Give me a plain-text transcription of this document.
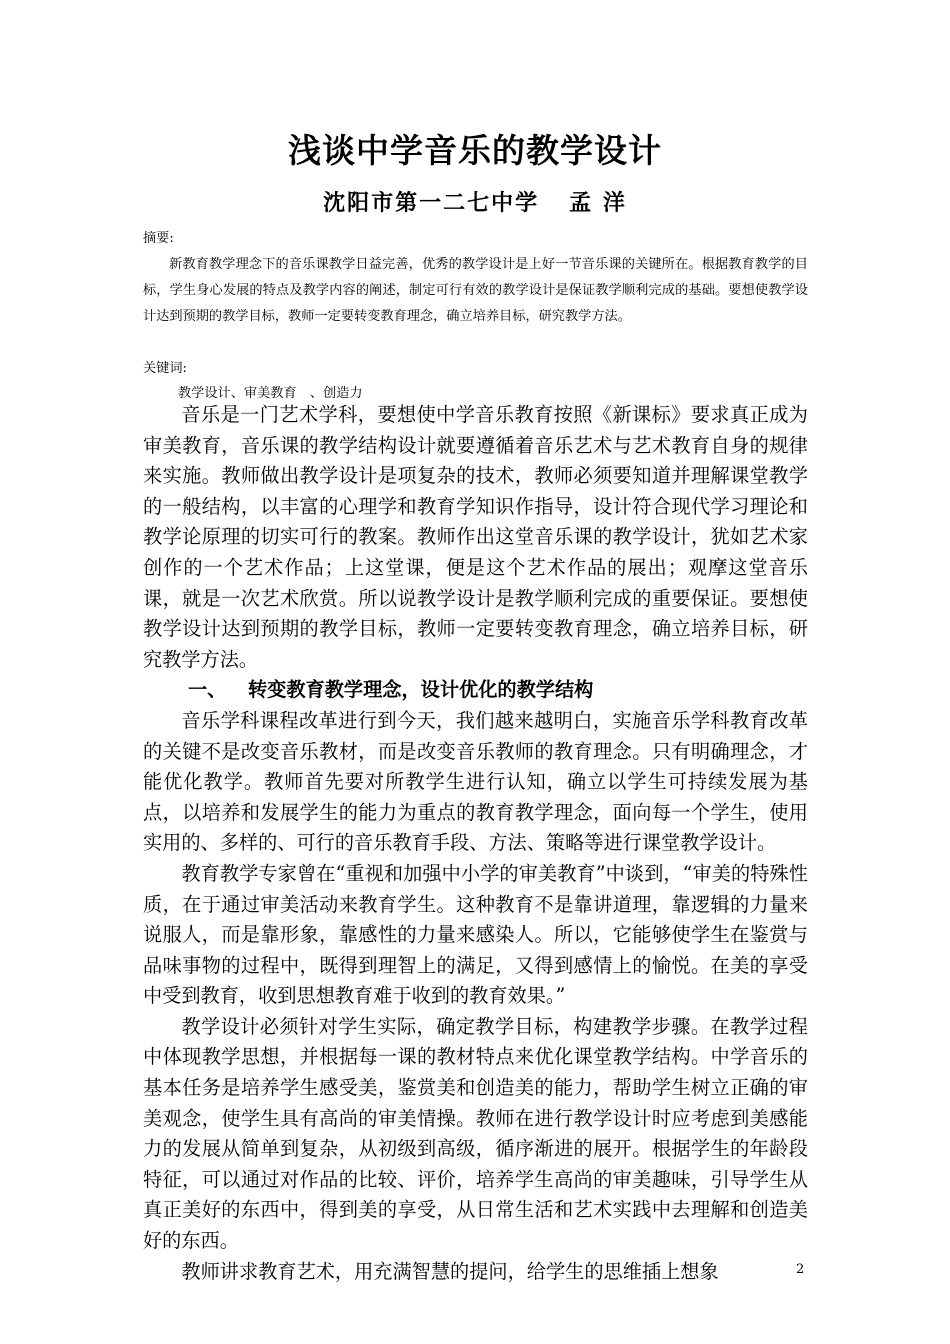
浅谈中学音乐的教学设计
沈阳市第一二七中学 孟 洋
摘要:
新教育教学理念下的音乐课教学日益完善，优秀的教学设计是上好一节音乐课的关键所在。根据教育教学的目标，学生身心发展的特点及教学内容的阐述，制定可行有效的教学设计是保证教学顺利完成的基础。要想使教学设计达到预期的教学目标，教师一定要转变教育理念，确立培养目标，研究教学方法。
关键词:
教学设计、审美教育　、创造力

音乐是一门艺术学科，要想使中学音乐教育按照《新课标》要求真正成为审美教育，音乐课的教学结构设计就要遵循着音乐艺术与艺术教育自身的规律来实施。教师做出教学设计是项复杂的技术，教师必须要知道并理解课堂教学的一般结构，以丰富的心理学和教育学知识作指导，设计符合现代学习理论和教学论原理的切实可行的教案。教师作出这堂音乐课的教学设计，犹如艺术家创作的一个艺术作品；上这堂课，便是这个艺术作品的展出；观摩这堂音乐课，就是一次艺术欣赏。所以说教学设计是教学顺利完成的重要保证。要想使教学设计达到预期的教学目标，教师一定要转变教育理念，确立培养目标，研究教学方法。

一、 转变教育教学理念，设计优化的教学结构

音乐学科课程改革进行到今天，我们越来越明白，实施音乐学科教育改革的关键不是改变音乐教材，而是改变音乐教师的教育理念。只有明确理念，才能优化教学。教师首先要对所教学生进行认知，确立以学生可持续发展为基点，以培养和发展学生的能力为重点的教育教学理念，面向每一个学生，使用实用的、多样的、可行的音乐教育手段、方法、策略等进行课堂教学设计。

教育教学专家曾在“重视和加强中小学的审美教育”中谈到，“审美的特殊性质，在于通过审美活动来教育学生。这种教育不是靠讲道理，靠逻辑的力量来说服人，而是靠形象，靠感性的力量来感染人。所以，它能够使学生在鉴赏与品味事物的过程中，既得到理智上的满足，又得到感情上的愉悦。在美的享受中受到教育，收到思想教育难于收到的教育效果。”

教学设计必须针对学生实际，确定教学目标，构建教学步骤。在教学过程中体现教学思想，并根据每一课的教材特点来优化课堂教学结构。中学音乐的基本任务是培养学生感受美，鉴赏美和创造美的能力，帮助学生树立正确的审美观念，使学生具有高尚的审美情操。教师在进行教学设计时应考虑到美感能力的发展从简单到复杂，从初级到高级，循序渐进的展开。根据学生的年龄段特征，可以通过对作品的比较、评价，培养学生高尚的审美趣味，引导学生从真正美好的东西中，得到美的享受，从日常生活和艺术实践中去理解和创造美好的东西。

教师讲求教育艺术，用充满智慧的提问，给学生的思维插上想象	2
